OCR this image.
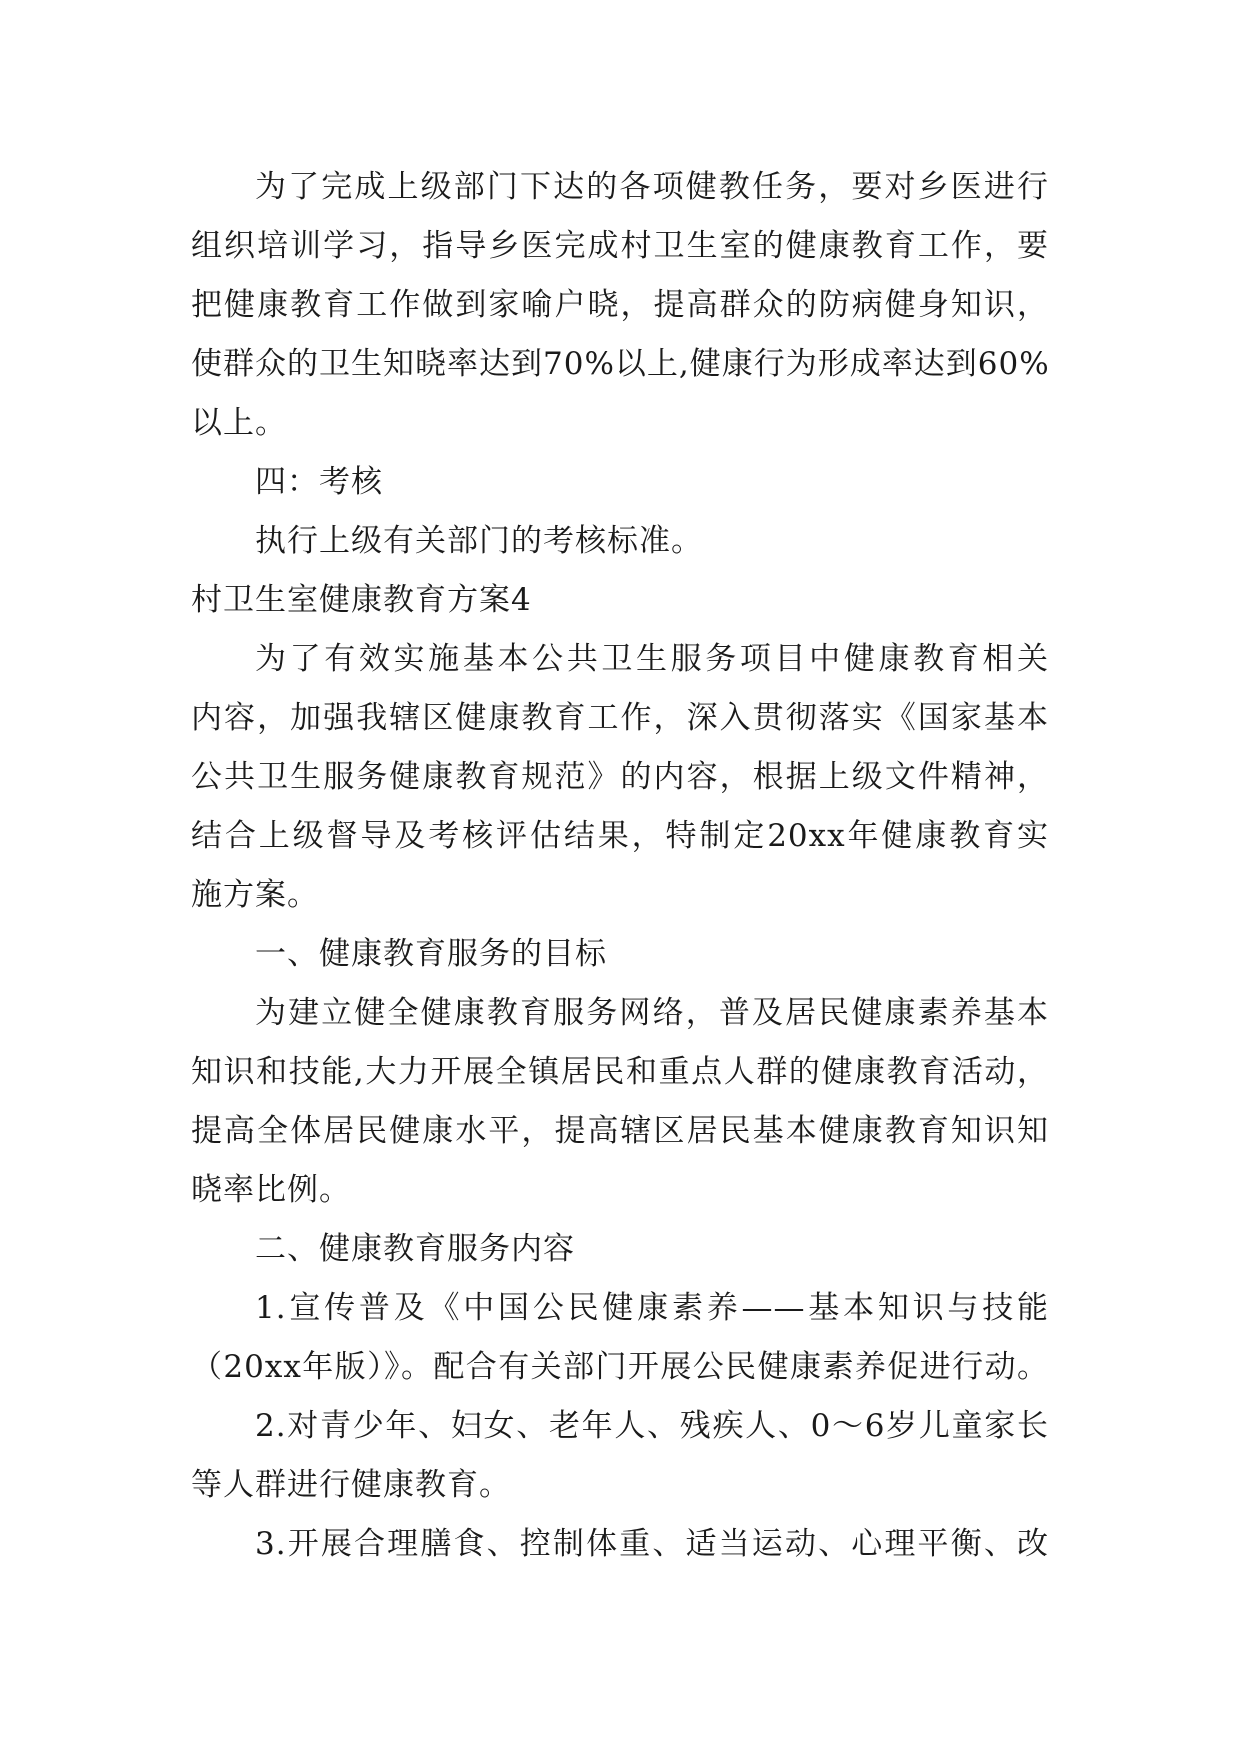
为了完成上级部门下达的各项健教任务，要对乡医进行
组织培训学习，指导乡医完成村卫生室的健康教育工作，要
把健康教育工作做到家喻户晓，提高群众的防病健身知识，
使群众的卫生知晓率达到70%以上,健康行为形成率达到60%
以上。
四：考核
执行上级有关部门的考核标准。
村卫生室健康教育方案4
为了有效实施基本公共卫生服务项目中健康教育相关
内容，加强我辖区健康教育工作，深入贯彻落实《国家基本
公共卫生服务健康教育规范》的内容，根据上级文件精神，
结合上级督导及考核评估结果，特制定20xx年健康教育实
施方案。
一、健康教育服务的目标
为建立健全健康教育服务网络，普及居民健康素养基本
知识和技能,大力开展全镇居民和重点人群的健康教育活动，
提高全体居民健康水平，提高辖区居民基本健康教育知识知
晓率比例。
二、健康教育服务内容
1.宣传普及《中国公民健康素养——基本知识与技能
（20xx年版）》。配合有关部门开展公民健康素养促进行动。
2.对青少年、妇女、老年人、残疾人、0～6岁儿童家长
等人群进行健康教育。
3.开展合理膳食、控制体重、适当运动、心理平衡、改
